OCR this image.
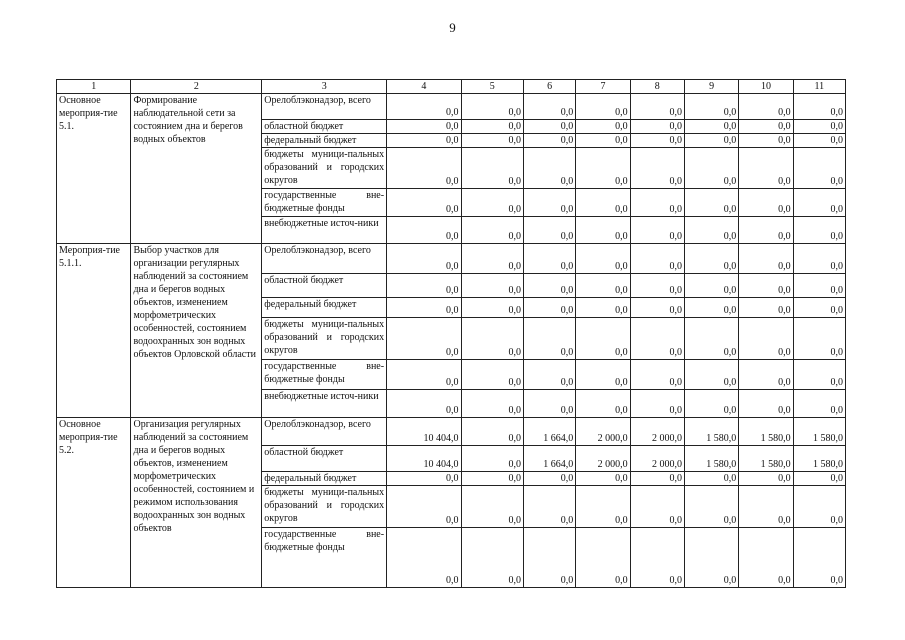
9
1	2	3	4	5	6	7	8	9	10	11
Основное мероприя-тие 5.1.	Формирование наблюдательной сети за состоянием дна и берегов водных объектов	Орелоблэконадзор, всего	0,0	0,0	0,0	0,0	0,0	0,0	0,0	0,0

		областной бюджет	0,0	0,0	0,0	0,0	0,0	0,0	0,0	0,0

		федеральный бюджет	0,0	0,0	0,0	0,0	0,0	0,0	0,0	0,0

		бюджеты муници-пальных образований и городских округов	0,0	0,0	0,0	0,0	0,0	0,0	0,0	0,0

		государственные вне-бюджетные фонды	0,0	0,0	0,0	0,0	0,0	0,0	0,0	0,0

		внебюджетные источ-ники	0,0	0,0	0,0	0,0	0,0	0,0	0,0	0,0
Мероприя-тие 5.1.1.	Выбор участков для организации регулярных наблюдений за состоянием дна и берегов водных объектов, изменением морфометрических особенностей, состоянием водоохранных зон водных объектов Орловской области	Орелоблэконадзор, всего	0,0	0,0	0,0	0,0	0,0	0,0	0,0	0,0

		областной бюджет	0,0	0,0	0,0	0,0	0,0	0,0	0,0	0,0

		федеральный бюджет	0,0	0,0	0,0	0,0	0,0	0,0	0,0	0,0

		бюджеты муници-пальных образований и городских округов	0,0	0,0	0,0	0,0	0,0	0,0	0,0	0,0

		государственные вне-бюджетные фонды	0,0	0,0	0,0	0,0	0,0	0,0	0,0	0,0

		внебюджетные источ-ники	0,0	0,0	0,0	0,0	0,0	0,0	0,0	0,0
Основное мероприя-тие 5.2.	Организация регулярных наблюдений за состоянием дна и берегов водных объектов, изменением морфометрических особенностей, состоянием и режимом использования водоохранных зон водных объектов	Орелоблэконадзор, всего	10 404,0	0,0	1 664,0	2 000,0	2 000,0	1 580,0	1 580,0	1 580,0

		областной бюджет	10 404,0	0,0	1 664,0	2 000,0	2 000,0	1 580,0	1 580,0	1 580,0

		федеральный бюджет	0,0	0,0	0,0	0,0	0,0	0,0	0,0	0,0

		бюджеты муници-пальных образований и городских округов	0,0	0,0	0,0	0,0	0,0	0,0	0,0	0,0

		государственные вне-бюджетные фонды	0,0	0,0	0,0	0,0	0,0	0,0	0,0	0,0
